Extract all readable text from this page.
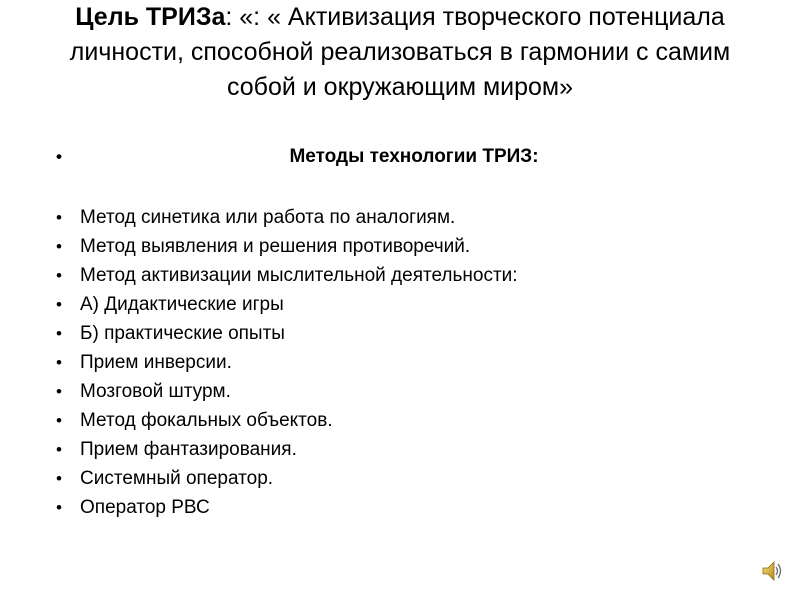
Цель ТРИЗа: «: « Активизация творческого потенциала личности, способной реализоваться в гармонии с самим собой и окружающим миром»
•	Методы технологии ТРИЗ:
• Метод синетика или работа по аналогиям.
• Метод выявления и решения противоречий.
• Метод активизации мыслительной деятельности:
• А) Дидактические игры
• Б) практические опыты
• Прием инверсии.
• Мозговой штурм.
• Метод фокальных объектов.
• Прием фантазирования.
• Системный оператор.
• Оператор РВС
